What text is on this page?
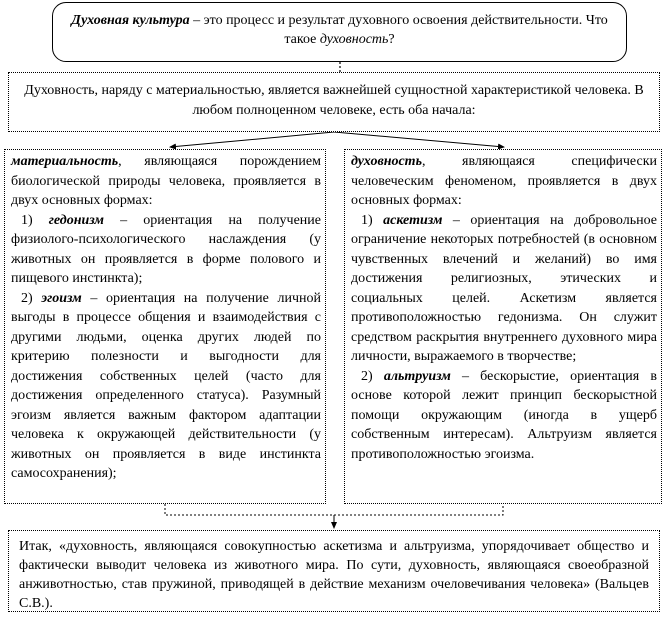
Духовная культура – это процесс и результат духовного освоения действительности. Что такое духовность?

Духовность, наряду с материальностью, является важнейшей сущностной характеристикой человека. В любом полноценном человеке, есть оба начала:

материальность, являющаяся порождением биологической природы человека, проявляется в двух основных формах:

1) гедонизм – ориентация на получение физиолого-психологического наслаждения (у животных он проявляется в форме полового и пищевого инстинкта);

2) эгоизм – ориентация на получение личной выгоды в процессе общения и взаимодействия с другими людьми, оценка других людей по критерию полезности и выгодности для достижения собственных целей (часто для достижения определенного статуса). Разумный эгоизм является важным фактором адаптации человека к окружающей действительности (у животных он проявляется в виде инстинкта самосохранения);

духовность, являющаяся специфически человеческим феноменом, проявляется в двух основных формах:

1) аскетизм – ориентация на добровольное ограничение некоторых потребностей (в основном чувственных влечений и желаний) во имя достижения религиозных, этических и социальных целей. Аскетизм является противоположностью гедонизма. Он служит средством раскрытия внутреннего духовного мира личности, выражаемого в творчестве;

2) альтруизм – бескорыстие, ориентация в основе которой лежит принцип бескорыстной помощи окружающим (иногда в ущерб собственным интересам). Альтруизм является противоположностью эгоизма.

Итак, «духовность, являющаяся совокупностью аскетизма и альтруизма, упорядочивает общество и фактически выводит человека из животного мира. По сути, духовность, являющаяся своеобразной анживотностью, став пружиной, приводящей в действие механизм очеловечивания человека» (Вальцев С.В.).
